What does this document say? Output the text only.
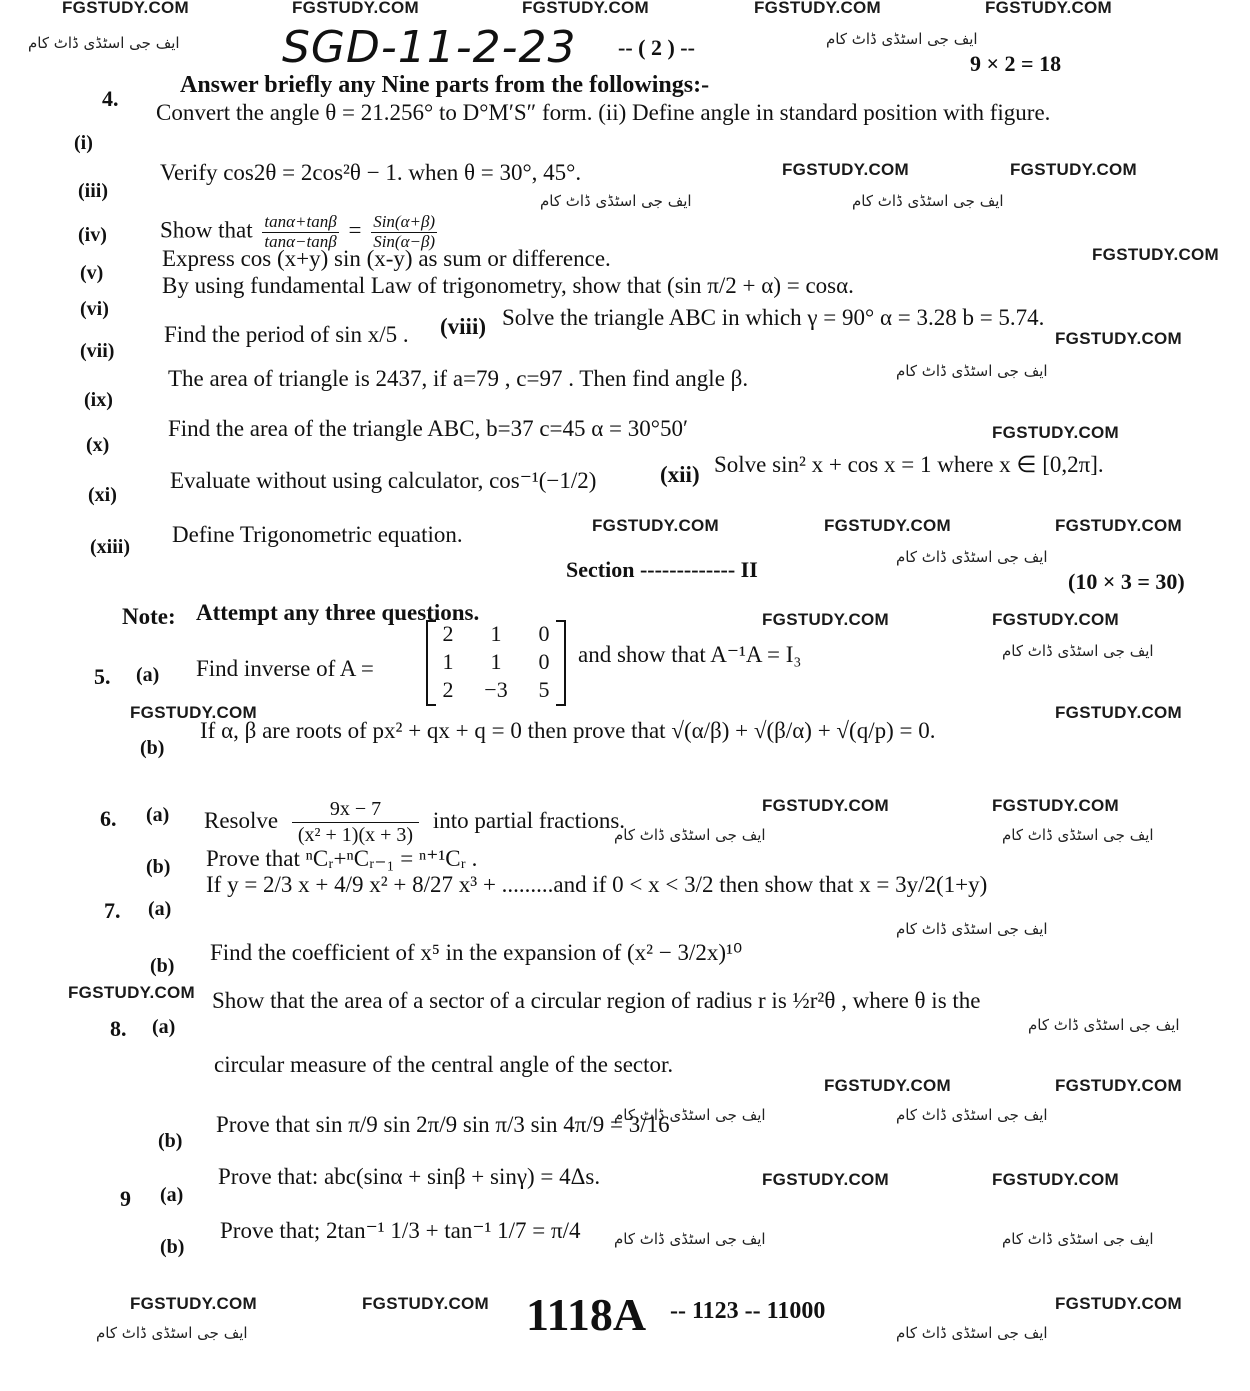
FGSTUDY.COM	FGSTUDY.COM	FGSTUDY.COM	FGSTUDY.COM	FGSTUDY.COM
FGSTUDY.COM	FGSTUDY.COM
FGSTUDY.COM
FGSTUDY.COM
FGSTUDY.COM
FGSTUDY.COM	FGSTUDY.COM	FGSTUDY.COM
FGSTUDY.COM	FGSTUDY.COM
FGSTUDY.COM	FGSTUDY.COM
FGSTUDY.COM	FGSTUDY.COM
FGSTUDY.COM
FGSTUDY.COM	FGSTUDY.COM
FGSTUDY.COM	FGSTUDY.COM
FGSTUDY.COM	FGSTUDY.COM	FGSTUDY.COM
ایف جی اسٹڈی ڈاٹ کام	ایف جی اسٹڈی ڈاٹ کام
ایف جی اسٹڈی ڈاٹ کام	ایف جی اسٹڈی ڈاٹ کام
ایف جی اسٹڈی ڈاٹ کام
ایف جی اسٹڈی ڈاٹ کام
ایف جی اسٹڈی ڈاٹ کام
ایف جی اسٹڈی ڈاٹ کام	ایف جی اسٹڈی ڈاٹ کام
ایف جی اسٹڈی ڈاٹ کام
ایف جی اسٹڈی ڈاٹ کام
ایف جی اسٹڈی ڈاٹ کام	ایف جی اسٹڈی ڈاٹ کام
ایف جی اسٹڈی ڈاٹ کام	ایف جی اسٹڈی ڈاٹ کام
ایف جی اسٹڈی ڈاٹ کام	ایف جی اسٹڈی ڈاٹ کام
SGD-11-2-23 -- ( 2 ) --
9 × 2 = 18
4.
Answer briefly any Nine parts from the followings:-
(i)
Convert the angle θ = 21.256° to D°M′S″ form. (ii) Define angle in standard position with figure.
(iii)
Verify cos2θ = 2cos²θ − 1. when θ = 30°, 45°.
(iv) Show that $\frac{\tan\alpha+\tan\beta}{\tan\alpha-\tan\beta} = Sin(\alpha+\beta)$
Sin(α−β)
(v)
Express cos (x+y) sin (x-y) as sum or difference.
(vi)
By using fundamental Law of trigonometry, show that (sin π/2 + α) = cosα.
(vii)
Find the period of sin x/5 . (viii) Solve the triangle ABC in which γ = 90° α = 3.28 b = 5.74.
(ix)
The area of triangle is 2437, if a=79 , c=97 . Then find angle β.
(x)
Find the area of the triangle ABC, b=37 c=45 α = 30°50′
(xi)
Evaluate without using calculator, cos⁻¹(−1/2)	(xii) Solve sin² x + cos x = 1 where x ∈ [0,2π].
(xiii) Define Trigonometric equation.
Section ------------- II	(10 × 3 = 30)
Note: Attempt any three questions.
5. (a) Find inverse of A =
2	1	0
1	1	0
2	−3	5
and show that A⁻¹A = I₃
(b)
If α, β are roots of px² + qx + q = 0 then prove that √(α/β) + √(β/α) + √(q/p) = 0.
6. (a) Resolve $\frac{9x - 7}{\text{(x² + 1)(x + 3)}}$ into partial fractions.
(b) Prove that ⁿCᵣ+ⁿCᵣ₋₁ = ⁿ⁺¹Cᵣ .
7. (a)
If y = 2/3 x + 4/9 x² + 8/27 x³ + .........and if 0 < x < 3/2 then show that x = 3y/2(1+y)
(b)
Find the coefficient of x⁵ in the expansion of (x² − 3/2x)¹⁰
8. (a)
Show that the area of a sector of a circular region of radius r is ½r²θ , where θ is the
circular measure of the central angle of the sector.
(b)
Prove that sin π/9 sin 2π/9 sin π/3 sin 4π/9 = 3/16
9 (a)
Prove that: abc(sinα + sinβ + sinγ) = 4Δs.
(b)
Prove that; 2tan⁻¹ 1/3 + tan⁻¹ 1/7 = π/4
1118A -- 1123 -- 11000
